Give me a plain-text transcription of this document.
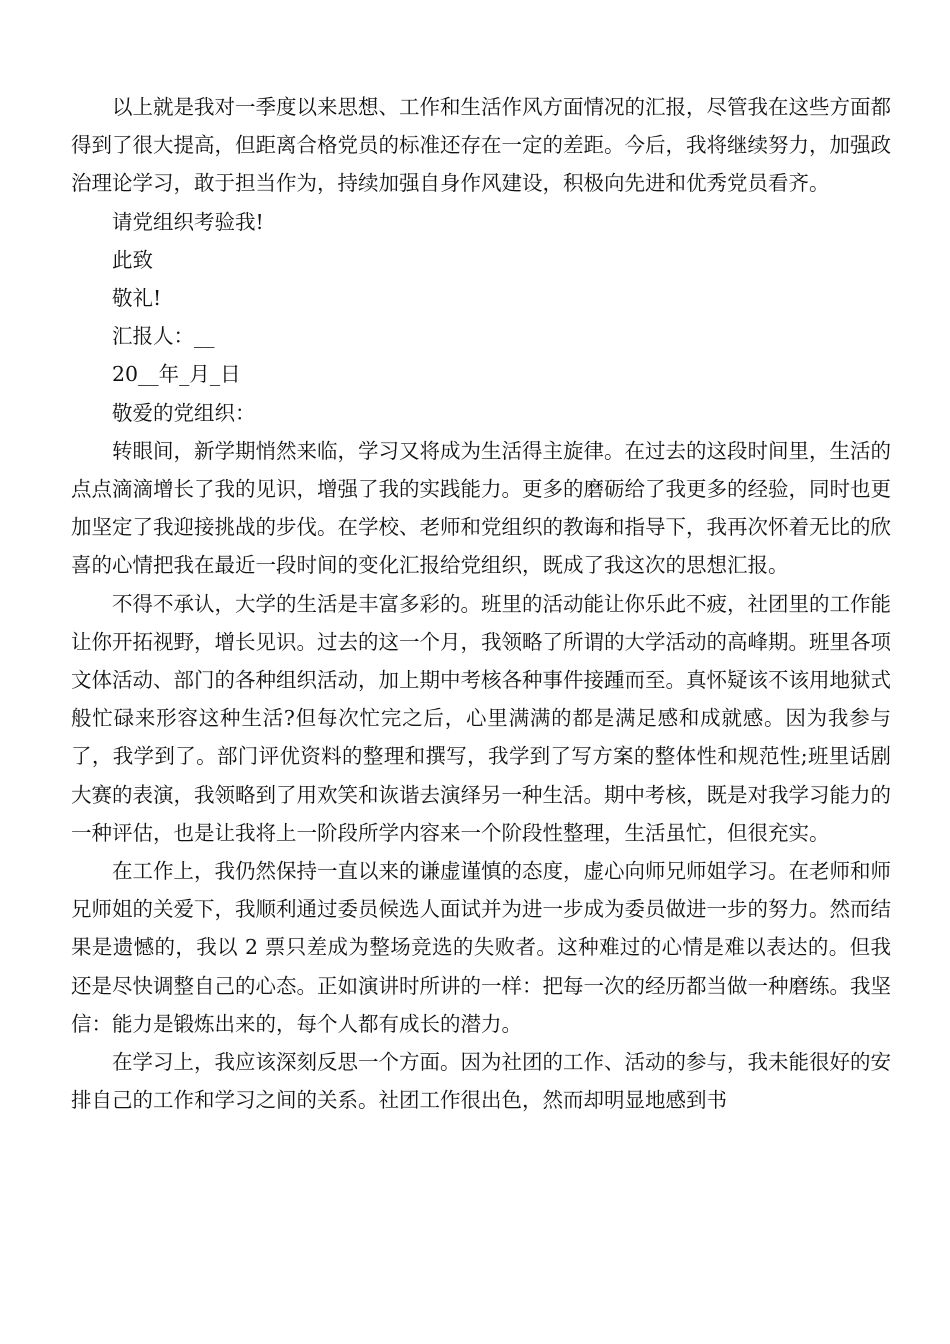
以上就是我对一季度以来思想、工作和生活作风方面情况的汇报，尽管我在这些方面都得到了很大提高，但距离合格党员的标准还存在一定的差距。今后，我将继续努力，加强政治理论学习，敢于担当作为，持续加强自身作风建设，积极向先进和优秀党员看齐。

请党组织考验我!

此致

敬礼!

汇报人：__

20__年_月_日

敬爱的党组织：

转眼间，新学期悄然来临，学习又将成为生活得主旋律。在过去的这段时间里，生活的点点滴滴增长了我的见识，增强了我的实践能力。更多的磨砺给了我更多的经验，同时也更加坚定了我迎接挑战的步伐。在学校、老师和党组织的教诲和指导下，我再次怀着无比的欣喜的心情把我在最近一段时间的变化汇报给党组织，既成了我这次的思想汇报。

不得不承认，大学的生活是丰富多彩的。班里的活动能让你乐此不疲，社团里的工作能让你开拓视野，增长见识。过去的这一个月，我领略了所谓的大学活动的高峰期。班里各项文体活动、部门的各种组织活动，加上期中考核各种事件接踵而至。真怀疑该不该用地狱式般忙碌来形容这种生活?但每次忙完之后，心里满满的都是满足感和成就感。因为我参与了，我学到了。部门评优资料的整理和撰写，我学到了写方案的整体性和规范性;班里话剧大赛的表演，我领略到了用欢笑和诙谐去演绎另一种生活。期中考核，既是对我学习能力的一种评估，也是让我将上一阶段所学内容来一个阶段性整理，生活虽忙，但很充实。

在工作上，我仍然保持一直以来的谦虚谨慎的态度，虚心向师兄师姐学习。在老师和师兄师姐的关爱下，我顺利通过委员候选人面试并为进一步成为委员做进一步的努力。然而结果是遗憾的，我以 2 票只差成为整场竞选的失败者。这种难过的心情是难以表达的。但我还是尽快调整自己的心态。正如演讲时所讲的一样：把每一次的经历都当做一种磨练。我坚信：能力是锻炼出来的，每个人都有成长的潜力。

在学习上，我应该深刻反思一个方面。因为社团的工作、活动的参与，我未能很好的安排自己的工作和学习之间的关系。社团工作很出色，然而却明显地感到书
